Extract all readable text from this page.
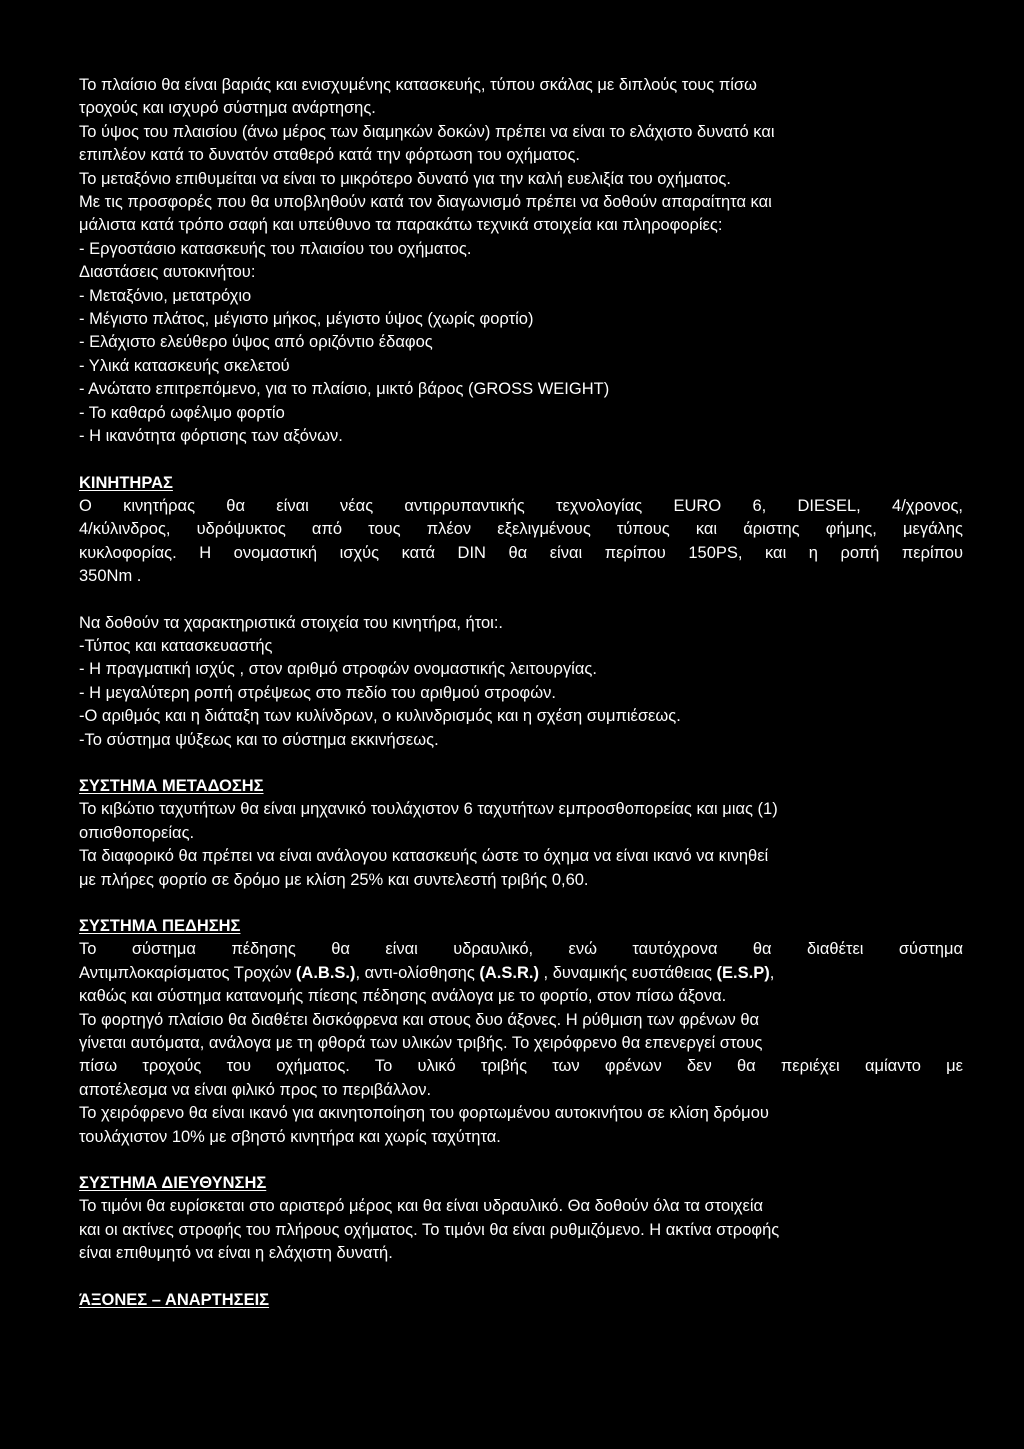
Το πλαίσιο θα είναι βαριάς και ενισχυμένης κατασκευής, τύπου σκάλας με διπλούς τους πίσω
τροχούς και ισχυρό σύστημα ανάρτησης.
Το ύψος του πλαισίου (άνω μέρος των διαμηκών δοκών) πρέπει να είναι το ελάχιστο δυνατό και
επιπλέον κατά το δυνατόν σταθερό κατά την φόρτωση του οχήματος.
Το μεταξόνιο επιθυμείται να είναι το μικρότερο δυνατό για την καλή ευελιξία του οχήματος.
Με τις προσφορές που θα υποβληθούν κατά τον διαγωνισμό πρέπει να δοθούν απαραίτητα και
μάλιστα κατά τρόπο σαφή και υπεύθυνο τα παρακάτω τεχνικά στοιχεία και πληροφορίες:
- Εργοστάσιο κατασκευής του πλαισίου του οχήματος.
Διαστάσεις αυτοκινήτου:
- Μεταξόνιο, μετατρόχιο
- Μέγιστο πλάτος, μέγιστο μήκος, μέγιστο ύψος (χωρίς φορτίο)
- Ελάχιστο ελεύθερο ύψος από οριζόντιο έδαφος
- Υλικά κατασκευής σκελετού
- Ανώτατο επιτρεπόμενο, για το πλαίσιο, μικτό βάρος (GROSS WEIGHT)
- Το καθαρό ωφέλιμο φορτίο
- Η ικανότητα φόρτισης των αξόνων.
ΚΙΝΗΤΗΡΑΣ
Ο κινητήρας θα είναι νέας αντιρρυπαντικής τεχνολογίας EURO 6, DIESEL, 4/χρονος,
4/κύλινδρος, υδρόψυκτος από τους πλέον εξελιγμένους τύπους και άριστης φήμης, μεγάλης
κυκλοφορίας. Η ονομαστική ισχύς κατά DIN θα είναι περίπου 150PS, και η ροπή περίπου
350Nm .
Να δοθούν τα χαρακτηριστικά στοιχεία του κινητήρα, ήτοι:.
-Τύπος και κατασκευαστής
- Η πραγματική ισχύς , στον αριθμό στροφών ονομαστικής λειτουργίας.
- Η μεγαλύτερη ροπή στρέψεως στο πεδίο του αριθμού στροφών.
-Ο αριθμός και η διάταξη των κυλίνδρων, ο κυλινδρισμός και η σχέση συμπιέσεως.
-Το σύστημα ψύξεως και το σύστημα εκκινήσεως.
ΣΥΣΤΗΜΑ ΜΕΤΑΔΟΣΗΣ
Το κιβώτιο ταχυτήτων θα είναι μηχανικό τουλάχιστον 6 ταχυτήτων εμπροσθοπορείας και μιας (1)
οπισθοπορείας.
Τα διαφορικό θα πρέπει να είναι ανάλογου κατασκευής ώστε το όχημα να είναι ικανό να κινηθεί
με πλήρες φορτίο σε δρόμο με κλίση 25% και συντελεστή τριβής 0,60.
ΣΥΣΤΗΜΑ ΠΕΔΗΣΗΣ
Το σύστημα πέδησης θα είναι υδραυλικό, ενώ ταυτόχρονα θα διαθέτει σύστημα
Αντιμπλοκαρίσματος Τροχών (A.B.S.), αντι-ολίσθησης (A.S.R.) , δυναμικής ευστάθειας (E.S.P),
καθώς και σύστημα κατανομής πίεσης πέδησης ανάλογα με το φορτίο, στον πίσω άξονα.
Το φορτηγό πλαίσιο θα διαθέτει δισκόφρενα και στους δυο άξονες. Η ρύθμιση των φρένων θα
γίνεται αυτόματα, ανάλογα με τη φθορά των υλικών τριβής. Το χειρόφρενο θα επενεργεί στους
πίσω τροχούς του οχήματος. Το υλικό τριβής των φρένων δεν θα περιέχει αμίαντο με
αποτέλεσμα να είναι φιλικό προς το περιβάλλον.
Το χειρόφρενο θα είναι ικανό για ακινητοποίηση του φορτωμένου αυτοκινήτου σε κλίση δρόμου
τουλάχιστον 10% με σβηστό κινητήρα και χωρίς ταχύτητα.
ΣΥΣΤΗΜΑ ΔΙΕΥΘΥΝΣΗΣ
Το τιμόνι θα ευρίσκεται στο αριστερό μέρος και θα είναι υδραυλικό. Θα δοθούν όλα τα στοιχεία
και οι ακτίνες στροφής του πλήρους οχήματος. Το τιμόνι θα είναι ρυθμιζόμενο. Η ακτίνα στροφής
είναι επιθυμητό να είναι η ελάχιστη δυνατή.
ΆΞΟΝΕΣ – ΑΝΑΡΤΗΣΕΙΣ
